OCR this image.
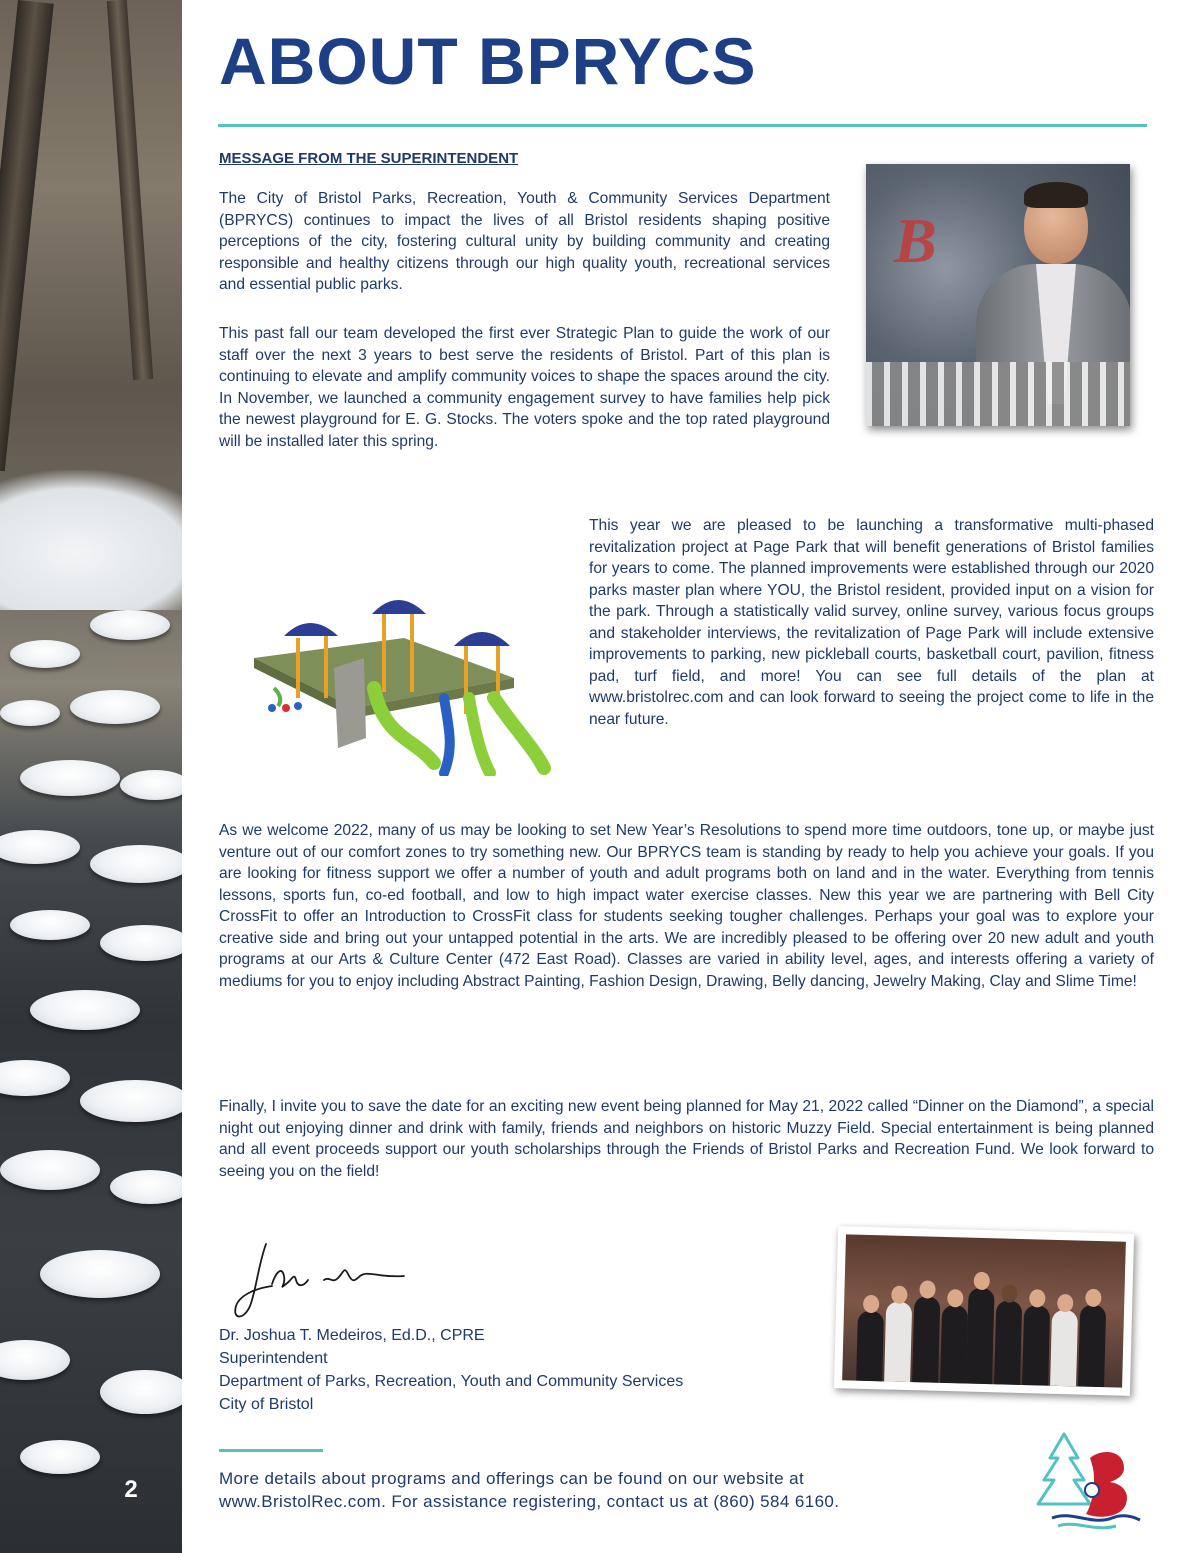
2
ABOUT BPRYCS
MESSAGE FROM THE SUPERINTENDENT

The City of Bristol Parks, Recreation, Youth & Community Services Department (BPRYCS) continues to impact the lives of all Bristol residents shaping positive perceptions of the city, fostering cultural unity by building community and creating responsible and healthy citizens through our high quality youth, recreational services and essential public parks.

This past fall our team developed the first ever Strategic Plan to guide the work of our staff over the next 3 years to best serve the residents of Bristol. Part of this plan is continuing to elevate and amplify community voices to shape the spaces around the city. In November, we launched a community engagement survey to have families help pick the newest playground for E. G. Stocks. The voters spoke and the top rated playground will be installed later this spring.

B

This year we are pleased to be launching a transformative multi-phased revitalization project at Page Park that will benefit generations of Bristol families for years to come. The planned improvements were established through our 2020 parks master plan where YOU, the Bristol resident, provided input on a vision for the park. Through a statistically valid survey, online survey, various focus groups and stakeholder interviews, the revitalization of Page Park will include extensive improvements to parking, new pickleball courts, basketball court, pavilion, fitness pad, turf field, and more! You can see full details of the plan at www.bristolrec.com and can look forward to seeing the project come to life in the near future.

As we welcome 2022, many of us may be looking to set New Year’s Resolutions to spend more time outdoors, tone up, or maybe just venture out of our comfort zones to try something new. Our BPRYCS team is standing by ready to help you achieve your goals. If you are looking for fitness support we offer a number of youth and adult programs both on land and in the water. Everything from tennis lessons, sports fun, co-ed football, and low to high impact water exercise classes. New this year we are partnering with Bell City CrossFit to offer an Introduction to CrossFit class for students seeking tougher challenges. Perhaps your goal was to explore your creative side and bring out your untapped potential in the arts. We are incredibly pleased to be offering over 20 new adult and youth programs at our Arts & Culture Center (472 East Road). Classes are varied in ability level, ages, and interests offering a variety of mediums for you to enjoy including Abstract Painting, Fashion Design, Drawing, Belly dancing, Jewelry Making, Clay and Slime Time!

Finally, I invite you to save the date for an exciting new event being planned for May 21, 2022 called “Dinner on the Diamond”, a special night out enjoying dinner and drink with family, friends and neighbors on historic Muzzy Field. Special entertainment is being planned and all event proceeds support our youth scholarships through the Friends of Bristol Parks and Recreation Fund. We look forward to seeing you on the field!

Dr. Joshua T. Medeiros, Ed.D., CPRE
Superintendent
Department of Parks, Recreation, Youth and Community Services
City of Bristol
More details about programs and offerings can be found on our website at
www.BristolRec.com. For assistance registering, contact us at (860) 584 6160.
